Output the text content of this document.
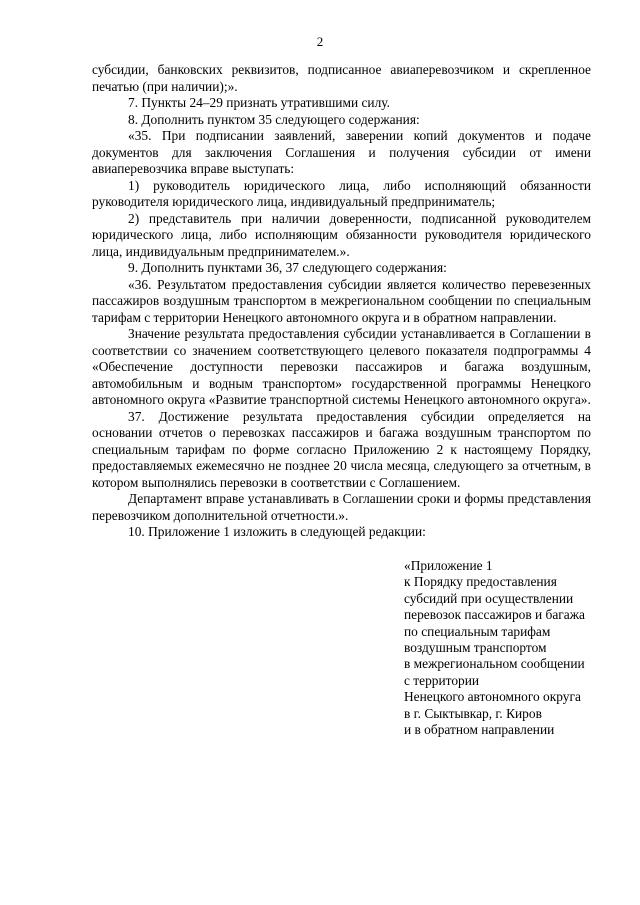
2

субсидии, банковских реквизитов, подписанное авиаперевозчиком и скрепленное печатью (при наличии);».

7. Пункты 24–29 признать утратившими силу.

8. Дополнить пунктом 35 следующего содержания:

«35. При подписании заявлений, заверении копий документов и подаче документов для заключения Соглашения и получения субсидии от имени авиаперевозчика вправе выступать:

1) руководитель юридического лица, либо исполняющий обязанности руководителя юридического лица, индивидуальный предприниматель;

2) представитель при наличии доверенности, подписанной руководителем юридического лица, либо исполняющим обязанности руководителя юридического лица, индивидуальным предпринимателем.».

9. Дополнить пунктами 36, 37 следующего содержания:

«36. Результатом предоставления субсидии является количество перевезенных пассажиров воздушным транспортом в межрегиональном сообщении по специальным тарифам с территории Ненецкого автономного округа и в обратном направлении.

Значение результата предоставления субсидии устанавливается в Соглашении в соответствии со значением соответствующего целевого показателя подпрограммы 4 «Обеспечение доступности перевозки пассажиров и багажа воздушным, автомобильным и водным транспортом» государственной программы Ненецкого автономного округа «Развитие транспортной системы Ненецкого автономного округа».

37. Достижение результата предоставления субсидии определяется на основании отчетов о перевозках пассажиров и багажа воздушным транспортом по специальным тарифам по форме согласно Приложению 2 к настоящему Порядку, предоставляемых ежемесячно не позднее 20 числа месяца, следующего за отчетным, в котором выполнялись перевозки в соответствии с Соглашением.

Департамент вправе устанавливать в Соглашении сроки и формы представления перевозчиком дополнительной отчетности.».

10. Приложение 1 изложить в следующей редакции:

«Приложение 1
к Порядку предоставления
субсидий при осуществлении
перевозок пассажиров и багажа
по специальным тарифам
воздушным транспортом
в межрегиональном сообщении
с территории
Ненецкого автономного округа
в г. Сыктывкар, г. Киров
и в обратном направлении
